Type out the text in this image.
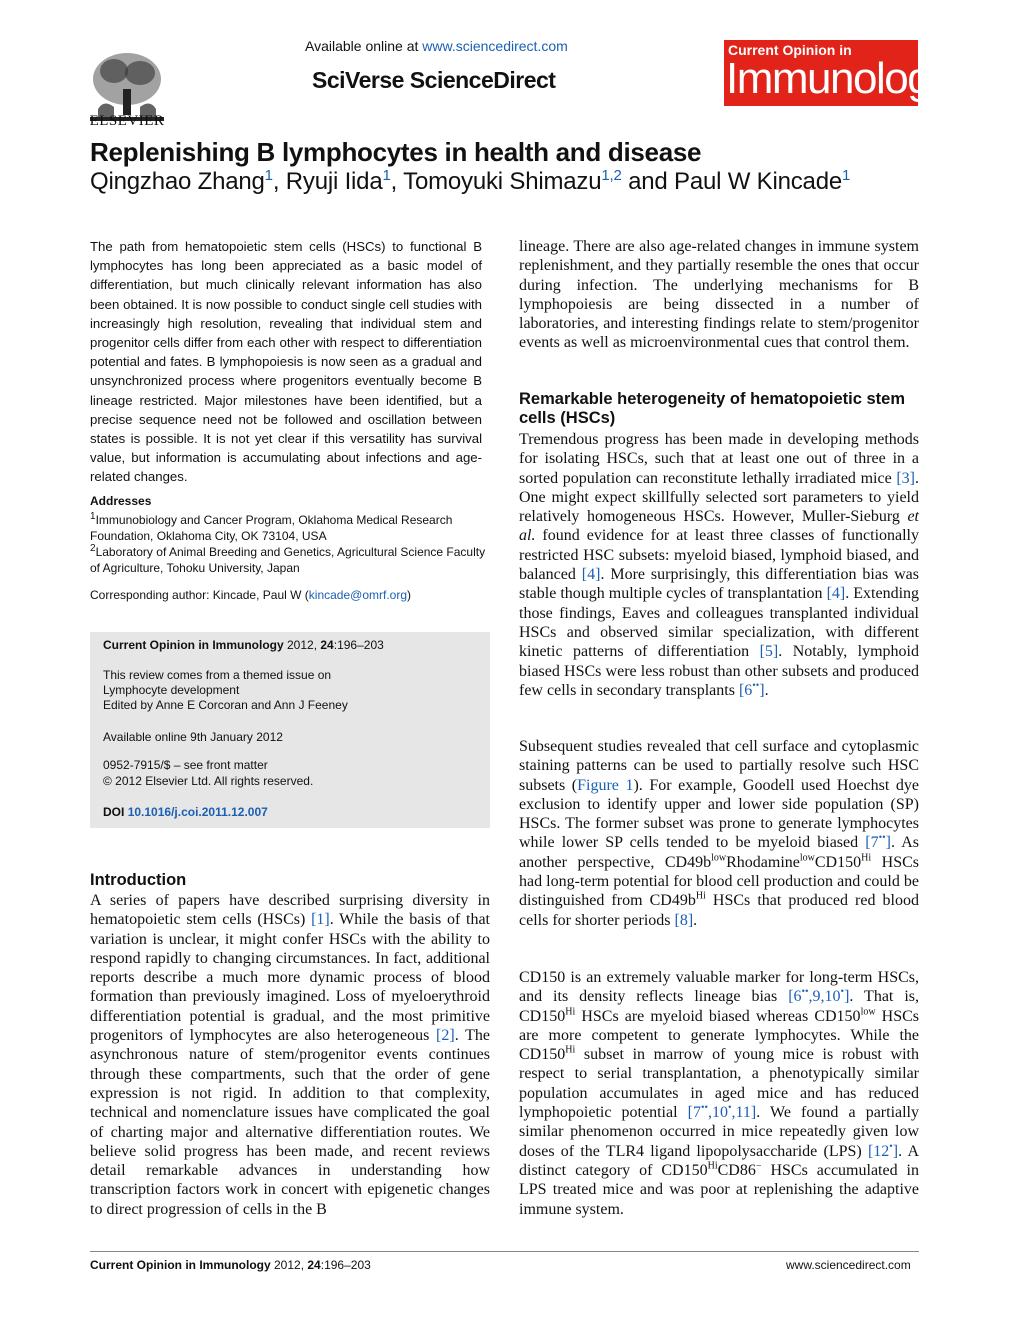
ELSEVIER
Available online at www.sciencedirect.com
SciVerse ScienceDirect
Current Opinion in
Immunology
Replenishing B lymphocytes in health and disease
Qingzhao Zhang$^1$, Ryuji Iida$^1$, Tomoyuki Shimazu$^{1,2}$ and Paul W Kincade$^1$
The path from hematopoietic stem cells (HSCs) to functional B lymphocytes has long been appreciated as a basic model of differentiation, but much clinically relevant information has also been obtained. It is now possible to conduct single cell studies with increasingly high resolution, revealing that individual stem and progenitor cells differ from each other with respect to differentiation potential and fates. B lymphopoiesis is now seen as a gradual and unsynchronized process where progenitors eventually become B lineage restricted. Major milestones have been identified, but a precise sequence need not be followed and oscillation between states is possible. It is not yet clear if this versatility has survival value, but information is accumulating about infections and age-related changes.
Addresses
$^1$Immunobiology and Cancer Program, Oklahoma Medical Research Foundation, Oklahoma City, OK 73104, USA
$^2$Laboratory of Animal Breeding and Genetics, Agricultural Science Faculty of Agriculture, Tohoku University, Japan
Corresponding author: Kincade, Paul W (kincade@omrf.org)
Current Opinion in Immunology 2012, 24:196–203
This review comes from a themed issue on
Lymphocyte development
Edited by Anne E Corcoran and Ann J Feeney
Available online 9th January 2012
0952-7915/$ – see front matter
© 2012 Elsevier Ltd. All rights reserved.
DOI 10.1016/j.coi.2011.12.007
Introduction
A series of papers have described surprising diversity in hematopoietic stem cells (HSCs) [1]. While the basis of that variation is unclear, it might confer HSCs with the ability to respond rapidly to changing circumstances. In fact, additional reports describe a much more dynamic process of blood formation than previously imagined. Loss of myeloerythroid differentiation potential is gradual, and the most primitive progenitors of lymphocytes are also heterogeneous [2]. The asynchronous nature of stem/progenitor events continues through these compartments, such that the order of gene expression is not rigid. In addition to that complexity, technical and nomenclature issues have complicated the goal of charting major and alternative differentiation routes. We believe solid progress has been made, and recent reviews detail remarkable advances in understanding how transcription factors work in concert with epigenetic changes to direct progression of cells in the B
lineage. There are also age-related changes in immune system replenishment, and they partially resemble the ones that occur during infection. The underlying mechanisms for B lymphopoiesis are being dissected in a number of laboratories, and interesting findings relate to stem/progenitor events as well as microenvironmental cues that control them.
Remarkable heterogeneity of hematopoietic stem cells (HSCs)
Tremendous progress has been made in developing methods for isolating HSCs, such that at least one out of three in a sorted population can reconstitute lethally irradiated mice [3]. One might expect skillfully selected sort parameters to yield relatively homogeneous HSCs. However, Muller-Sieburg et al. found evidence for at least three classes of functionally restricted HSC subsets: myeloid biased, lymphoid biased, and balanced [4]. More surprisingly, this differentiation bias was stable though multiple cycles of transplantation [4]. Extending those findings, Eaves and colleagues transplanted individual HSCs and observed similar specialization, with different kinetic patterns of differentiation [5]. Notably, lymphoid biased HSCs were less robust than other subsets and produced few cells in secondary transplants [6••].
Subsequent studies revealed that cell surface and cytoplasmic staining patterns can be used to partially resolve such HSC subsets (Figure 1). For example, Goodell used Hoechst dye exclusion to identify upper and lower side population (SP) HSCs. The former subset was prone to generate lymphocytes while lower SP cells tended to be myeloid biased [7••]. As another perspective, $CD49b^{low}Rhodamine^{low}CD150^{Hi}$ HSCs had long-term potential for blood cell production and could be distinguished from $CD49b^{Hi}$ HSCs that produced red blood cells for shorter periods [8].
CD150 is an extremely valuable marker for long-term HSCs, and its density reflects lineage bias [6••,9,10•]. That is, $CD150^{Hi}$ HSCs are myeloid biased whereas $CD150^{low}$ HSCs are more competent to generate lymphocytes. While the $CD150^{Hi}$ subset in marrow of young mice is robust with respect to serial transplantation, a phenotypically similar population accumulates in aged mice and has reduced lymphopoietic potential [7••,10•,11]. We found a partially similar phenomenon occurred in mice repeatedly given low doses of the TLR4 ligand lipopolysaccharide (LPS) [12•]. A distinct category of $CD150^{Hi}CD86^-$ HSCs accumulated in LPS treated mice and was poor at replenishing the adaptive immune system.
Current Opinion in Immunology 2012, 24:196–203	www.sciencedirect.com
